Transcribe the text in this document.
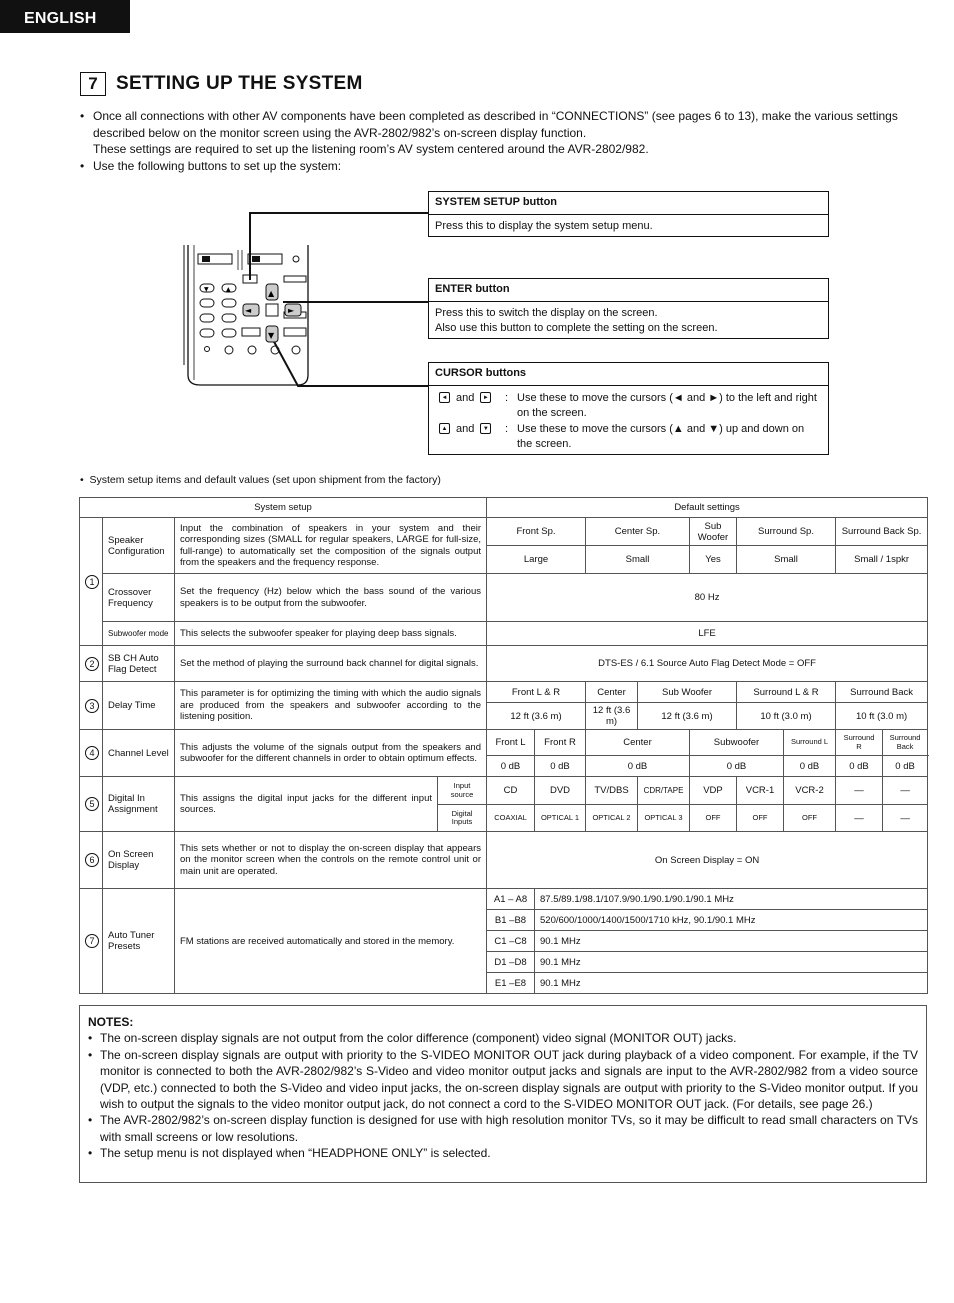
ENGLISH
7 SETTING UP THE SYSTEM
• Once all connections with other AV components have been completed as described in “CONNECTIONS” (see pages 6 to 13), make the various settings described below on the monitor screen using the AVR-2802/982’s on-screen display function.
These settings are required to set up the listening room’s AV system centered around the AVR-2802/982.
• Use the following buttons to set up the system:
▼	▲	▲
▼
◄	►
SYSTEM SETUP button
Press this to display the system setup menu.
ENTER button
Press this to switch the display on the screen.
Also use this button to complete the setting on the screen.
CURSOR buttons
◄ and	► : Use these to move the cursors (◄ and ►) to the left and right on the screen.
▲ and	▼ : Use these to move the cursors (▲ and ▼) up and down on the screen.
•  System setup items and default values (set upon shipment from the factory)
System setup				Default settings								
1	Speaker Configuration	Input the combination of speakers in your system and their corresponding sizes (SMALL for regular speakers, LARGE for full-size, full-range) to automatically set the composition of the signals output from the speakers and the frequency response.		Front Sp.		Center Sp.		Sub Woofer	Surround Sp.		Surround Back Sp.	
				Large		Small		Yes	Small		Small / 1spkr	
	Crossover Frequency	Set the frequency (Hz) below which the bass sound of the various speakers is to be output from the subwoofer.		80 Hz								
	Subwoofer mode	This selects the subwoofer speaker for playing deep bass signals.		LFE								
2	SB CH Auto Flag Detect	Set the method of playing the surround back channel for digital signals.		DTS-ES / 6.1 Source Auto Flag Detect Mode = OFF								
3	Delay Time	This parameter is for optimizing the timing with which the audio signals are produced from the speakers and subwoofer according to the listening position.		Front L & R		Center	Sub Woofer		Surround L & R		Surround Back	
				12 ft (3.6 m)		12 ft (3.6 m)	12 ft (3.6 m)		10 ft (3.0 m)		10 ft (3.0 m)	
4	Channel Level	This adjusts the volume of the signals output from the speakers and subwoofer for the different channels in order to obtain optimum effects.		Front L	Front R	Center		Subwoofer		Surround L	Surround R	Surround Back
				0 dB	0 dB	0 dB		0 dB		0 dB	0 dB	0 dB
5	Digital In Assignment	This assigns the digital input jacks for the different input sources.	Input source	CD	DVD	TV/DBS	CDR/TAPE	VDP	VCR-1	VCR-2	—	—
			Digital Inputs	COAXIAL	OPTICAL 1	OPTICAL 2	OPTICAL 3	OFF	OFF	OFF	—	—
6	On Screen Display	This sets whether or not to display the on-screen display that appears on the monitor screen when the controls on the remote control unit or main unit are operated.		On Screen Display = ON								
7	Auto Tuner Presets	FM stations are received automatically and stored in the memory.		A1 – A8	87.5/89.1/98.1/107.9/90.1/90.1/90.1/90.1 MHz							
				B1 –B8	520/600/1000/1400/1500/1710 kHz, 90.1/90.1 MHz							
				C1 –C8	90.1 MHz							
				D1 –D8	90.1 MHz							
				E1 –E8	90.1 MHz							
NOTES:
• The on-screen display signals are not output from the color difference (component) video signal (MONITOR OUT) jacks.
• The on-screen display signals are output with priority to the S-VIDEO MONITOR OUT jack during playback of a video component. For example, if the TV monitor is connected to both the AVR-2802/982’s S-Video and video monitor output jacks and signals are input to the AVR-2802/982 from a video source (VDP, etc.) connected to both the S-Video and video input jacks, the on-screen display signals are output with priority to the S-Video monitor output. If you wish to output the signals to the video monitor output jack, do not connect a cord to the S-VIDEO MONITOR OUT jack. (For details, see page 26.)
• The AVR-2802/982’s on-screen display function is designed for use with high resolution monitor TVs, so it may be difficult to read small characters on TVs with small screens or low resolutions.
• The setup menu is not displayed when “HEADPHONE ONLY” is selected.
